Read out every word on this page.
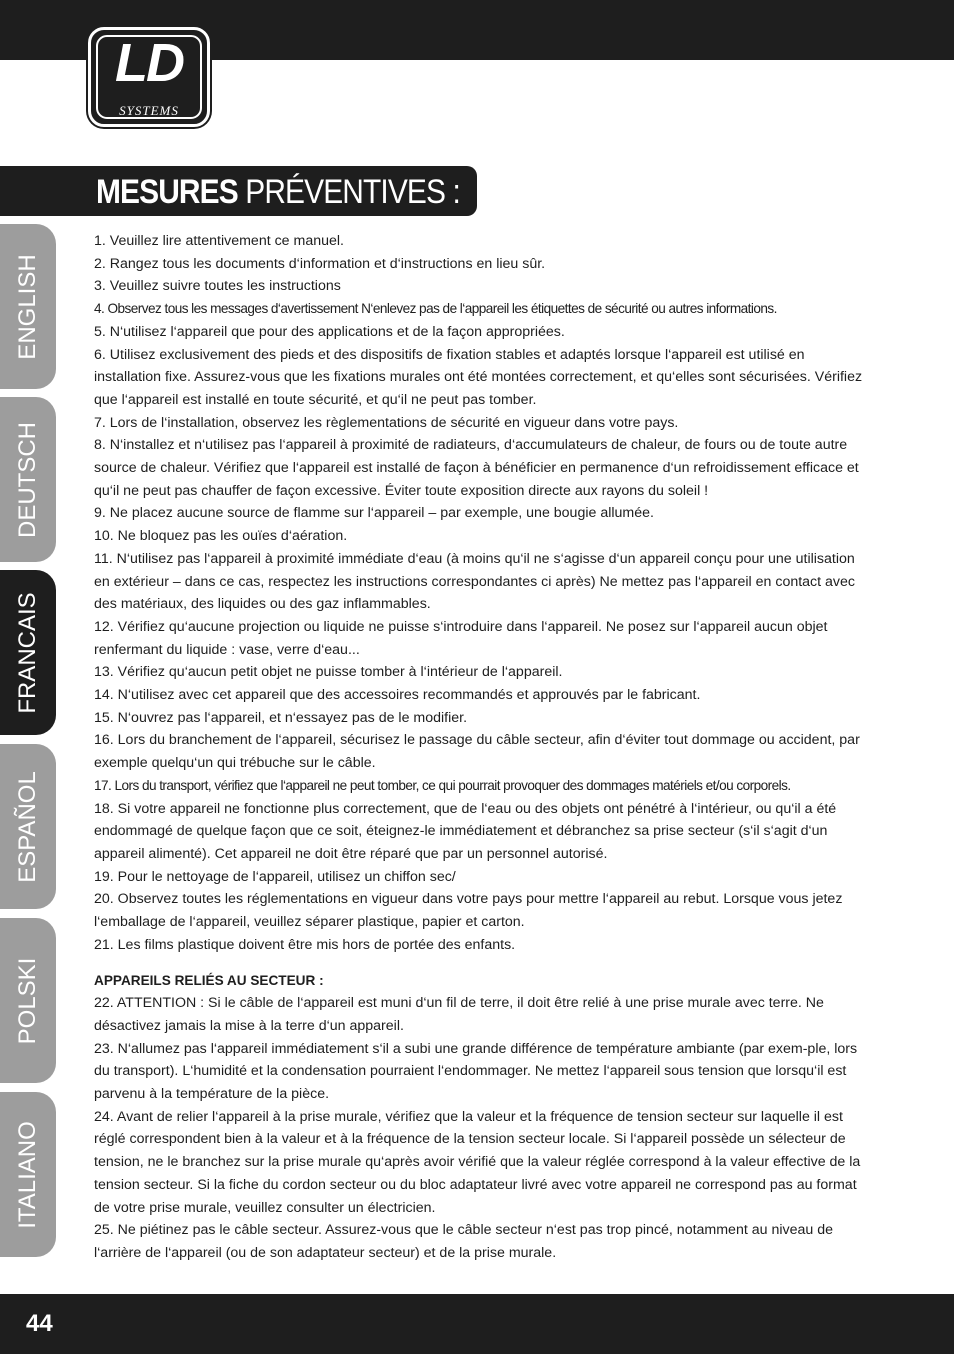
LD
SYSTEMS
MESURES PRÉVENTIVES :
ENGLISH
DEUTSCH
FRANCAIS
ESPAÑOL
POLSKI
ITALIANO

1. Veuillez lire attentivement ce manuel.

2. Rangez tous les documents d‘information et d‘instructions en lieu sûr.

3. Veuillez suivre toutes les instructions

4. Observez tous les messages d‘avertissement N‘enlevez pas de l‘appareil les étiquettes de sécurité ou autres informations.

5. N‘utilisez l‘appareil que pour des applications et de la façon appropriées.

6. Utilisez exclusivement des pieds et des dispositifs de fixation stables et adaptés lorsque l‘appareil est utilisé en installation fixe. Assurez-vous que les fixations murales ont été montées correctement, et qu‘elles sont sécurisées. Vérifiez que l‘appareil est installé en toute sécurité, et qu‘il ne peut pas tomber.

7. Lors de l‘installation, observez les règlementations de sécurité en vigueur dans votre pays.

8. N‘installez et n‘utilisez pas l‘appareil à proximité de radiateurs, d‘accumulateurs de chaleur, de fours ou de toute autre source de chaleur. Vérifiez que l‘appareil est installé de façon à bénéficier en permanence d‘un refroidissement efficace et qu‘il ne peut pas chauffer de façon excessive. Éviter toute exposition directe aux rayons du soleil !

9. Ne placez aucune source de flamme sur l‘appareil – par exemple, une bougie allumée.

10. Ne bloquez pas les ouïes d‘aération.

11. N‘utilisez pas l‘appareil à proximité immédiate d‘eau (à moins qu‘il ne s‘agisse d‘un appareil conçu pour une utilisation en extérieur – dans ce cas, respectez les instructions correspondantes ci après) Ne mettez pas l‘appareil en contact avec des matériaux, des liquides ou des gaz inflammables.

12. Vérifiez qu‘aucune projection ou liquide ne puisse s‘introduire dans l‘appareil. Ne posez sur l‘appareil aucun objet renfermant du liquide : vase, verre d‘eau...

13. Vérifiez qu‘aucun petit objet ne puisse tomber à l‘intérieur de l‘appareil.

14. N‘utilisez avec cet appareil que des accessoires recommandés et approuvés par le fabricant.

15. N‘ouvrez pas l‘appareil, et n‘essayez pas de le modifier.

16. Lors du branchement de l‘appareil, sécurisez le passage du câble secteur, afin d‘éviter tout dommage ou accident, par exemple quelqu‘un qui trébuche sur le câble.

17. Lors du transport, vérifiez que l‘appareil ne peut tomber, ce qui pourrait provoquer des dommages matériels et/ou corporels.

18. Si votre appareil ne fonctionne plus correctement, que de l‘eau ou des objets ont pénétré à l‘intérieur, ou qu‘il a été endommagé de quelque façon que ce soit, éteignez-le immédiatement et débranchez sa prise secteur (s‘il s‘agit d‘un appareil alimenté). Cet appareil ne doit être réparé que par un personnel autorisé.

19. Pour le nettoyage de l‘appareil, utilisez un chiffon sec/

20. Observez toutes les réglementations en vigueur dans votre pays pour mettre l‘appareil au rebut. Lorsque vous jetez l‘emballage de l‘appareil, veuillez séparer plastique, papier et carton.

21. Les films plastique doivent être mis hors de portée des enfants.

APPAREILS RELIÉS AU SECTEUR :

22. ATTENTION : Si le câble de l‘appareil est muni d‘un fil de terre, il doit être relié à une prise murale avec terre. Ne désactivez jamais la mise à la terre d‘un appareil.

23. N‘allumez pas l‘appareil immédiatement s‘il a subi une grande différence de température ambiante (par exem-ple, lors du transport). L‘humidité et la condensation pourraient l‘endommager. Ne mettez l‘appareil sous tension que lorsqu‘il est parvenu à la température de la pièce.

24. Avant de relier l‘appareil à la prise murale, vérifiez que la valeur et la fréquence de tension secteur sur laquelle il est réglé correspondent bien à la valeur et à la fréquence de la tension secteur locale. Si l‘appareil possède un sélecteur de tension, ne le branchez sur la prise murale qu‘après avoir vérifié que la valeur réglée correspond à la valeur effective de la tension secteur. Si la fiche du cordon secteur ou du bloc adaptateur livré avec votre appareil ne correspond pas au format de votre prise murale, veuillez consulter un électricien.

25. Ne piétinez pas le câble secteur. Assurez-vous que le câble secteur n‘est pas trop pincé, notamment au niveau de l‘arrière de l‘appareil (ou de son adaptateur secteur) et de la prise murale.

44
